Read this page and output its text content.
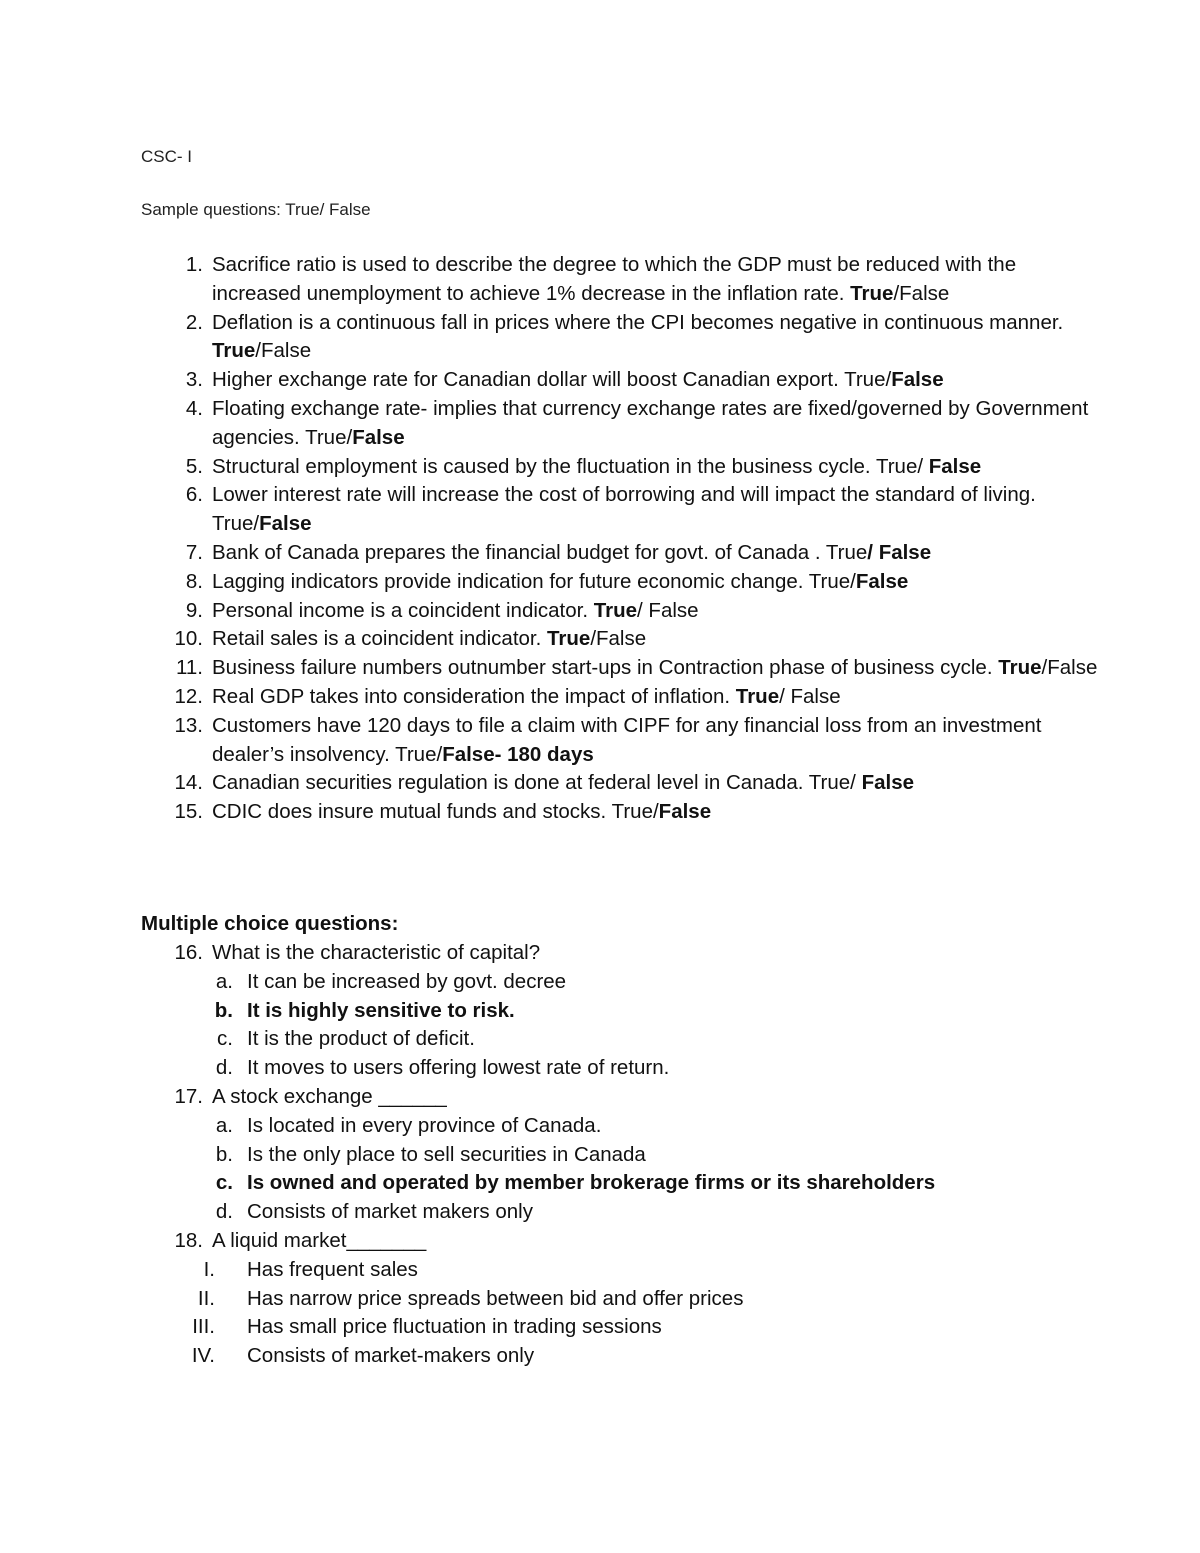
CSC- I
Sample questions: True/ False
1. Sacrifice ratio is used to describe the degree to which the GDP must be reduced with the increased unemployment to achieve 1% decrease in the inflation rate. True/False
2. Deflation is a continuous fall in prices where the CPI becomes negative in continuous manner. True/False
3. Higher exchange rate for Canadian dollar will boost Canadian export. True/False
4. Floating exchange rate- implies that currency exchange rates are fixed/governed by Government agencies. True/False
5. Structural employment is caused by the fluctuation in the business cycle. True/ False
6. Lower interest rate will increase the cost of borrowing and will impact the standard of living. True/False
7. Bank of Canada prepares the financial budget for govt. of Canada . True/ False
8. Lagging indicators provide indication for future economic change. True/False
9. Personal income is a coincident indicator. True/ False
10. Retail sales is a coincident indicator. True/False
11. Business failure numbers outnumber start-ups in Contraction phase of business cycle. True/False
12. Real GDP takes into consideration the impact of inflation. True/ False
13. Customers have 120 days to file a claim with CIPF for any financial loss from an investment dealer’s insolvency. True/False- 180 days
14. Canadian securities regulation is done at federal level in Canada. True/ False
15. CDIC does insure mutual funds and stocks. True/False
Multiple choice questions:
16. What is the characteristic of capital?
a. It can be increased by govt. decree
b. It is highly sensitive to risk.
c. It is the product of deficit.
d. It moves to users offering lowest rate of return.
17. A stock exchange ______
a. Is located in every province of Canada.
b. Is the only place to sell securities in Canada
c. Is owned and operated by member brokerage firms or its shareholders
d. Consists of market makers only
18. A liquid market_______
I. Has frequent sales
II. Has narrow price spreads between bid and offer prices
III. Has small price fluctuation in trading sessions
IV. Consists of market-makers only
